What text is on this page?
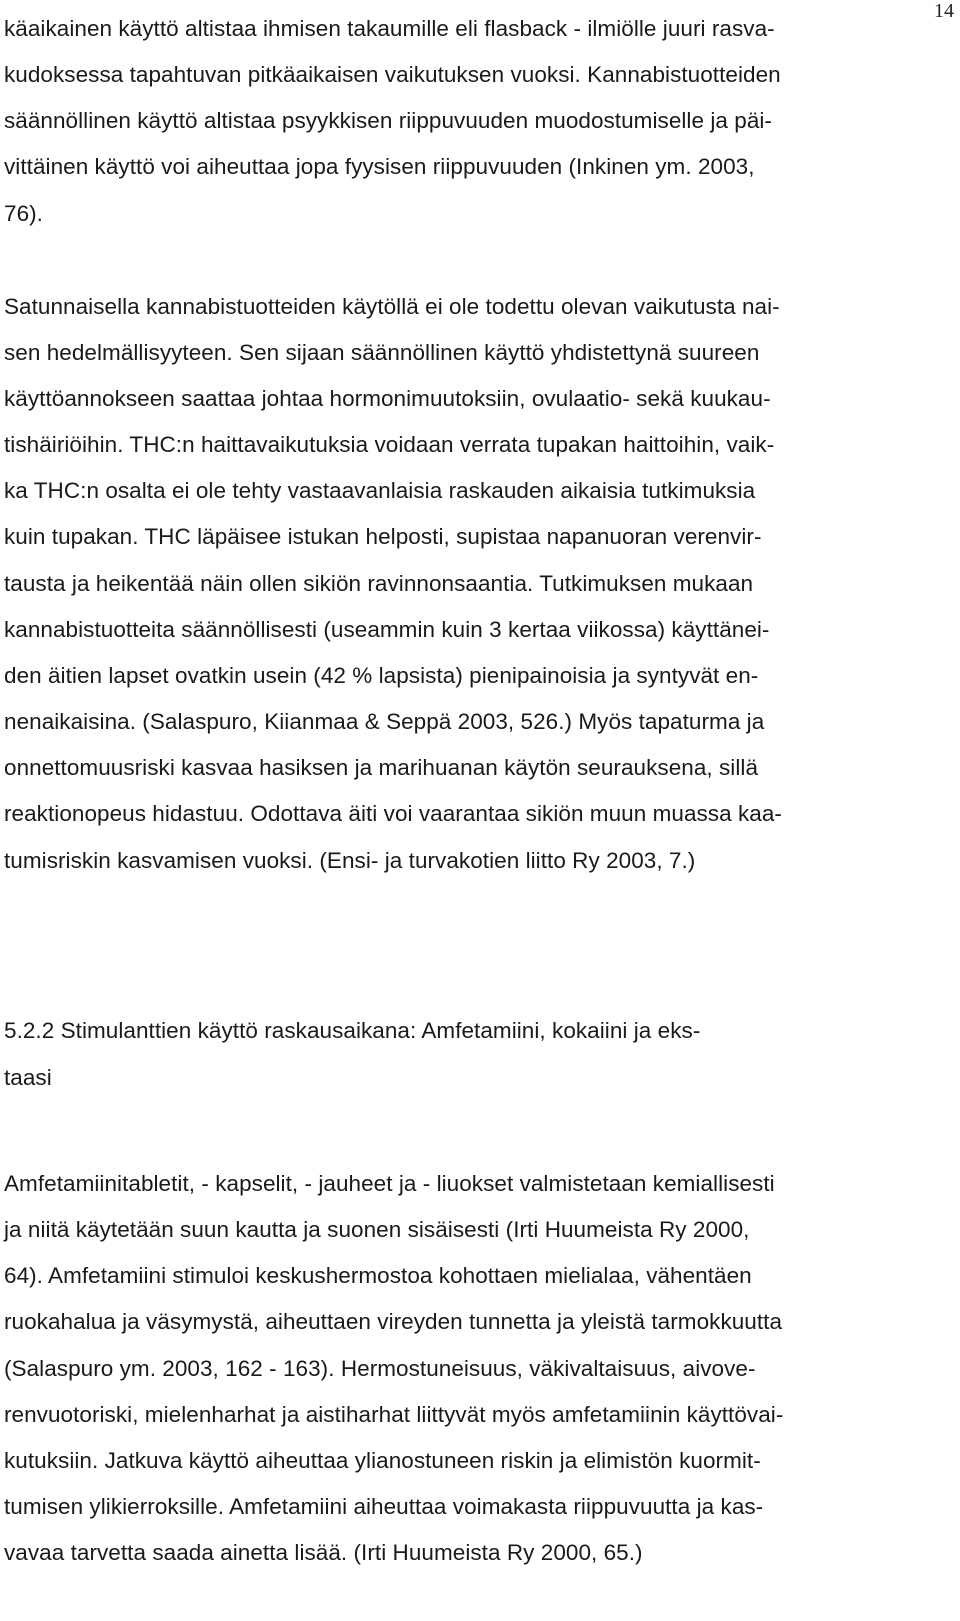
14
käaikainen käyttö altistaa ihmisen takaumille eli flasback - ilmiölle juuri rasva-
kudoksessa tapahtuvan pitkäaikaisen vaikutuksen vuoksi. Kannabistuotteiden
säännöllinen käyttö altistaa psyykkisen riippuvuuden muodostumiselle ja päi-
vittäinen käyttö voi aiheuttaa jopa fyysisen riippuvuuden (Inkinen ym. 2003,
76).
Satunnaisella kannabistuotteiden käytöllä ei ole todettu olevan vaikutusta nai-
sen hedelmällisyyteen. Sen sijaan säännöllinen käyttö yhdistettynä suureen
käyttöannokseen saattaa johtaa hormonimuutoksiin, ovulaatio- sekä kuukau-
tishäiriöihin. THC:n haittavaikutuksia voidaan verrata tupakan haittoihin, vaik-
ka THC:n osalta ei ole tehty vastaavanlaisia raskauden aikaisia tutkimuksia
kuin tupakan. THC läpäisee istukan helposti, supistaa napanuoran verenvir-
tausta ja heikentää näin ollen sikiön ravinnonsaantia. Tutkimuksen mukaan
kannabistuotteita säännöllisesti (useammin kuin 3 kertaa viikossa) käyttänei-
den äitien lapset ovatkin usein (42 % lapsista) pienipainoisia ja syntyvät en-
nenaikaisina. (Salaspuro, Kiianmaa & Seppä 2003, 526.) Myös tapaturma ja
onnettomuusriski kasvaa hasiksen ja marihuanan käytön seurauksena, sillä
reaktionopeus hidastuu. Odottava äiti voi vaarantaa sikiön muun muassa kaa-
tumisriskin kasvamisen vuoksi. (Ensi- ja turvakotien liitto Ry 2003, 7.)
5.2.2 Stimulanttien käyttö raskausaikana: Amfetamiini, kokaiini ja eks-
taasi
Amfetamiinitabletit, - kapselit, - jauheet ja - liuokset valmistetaan kemiallisesti
ja niitä käytetään suun kautta ja suonen sisäisesti (Irti Huumeista Ry 2000,
64). Amfetamiini stimuloi keskushermostoa kohottaen mielialaa, vähentäen
ruokahalua ja väsymystä, aiheuttaen vireyden tunnetta ja yleistä tarmokkuutta
(Salaspuro ym. 2003, 162 - 163). Hermostuneisuus, väkivaltaisuus, aivove-
renvuotoriski, mielenharhat ja aistiharhat liittyvät myös amfetamiinin käyttövai-
kutuksiin. Jatkuva käyttö aiheuttaa ylianostuneen riskin ja elimistön kuormit-
tumisen ylikierroksille. Amfetamiini aiheuttaa voimakasta riippuvuutta ja kas-
vavaa tarvetta saada ainetta lisää. (Irti Huumeista Ry 2000, 65.)
